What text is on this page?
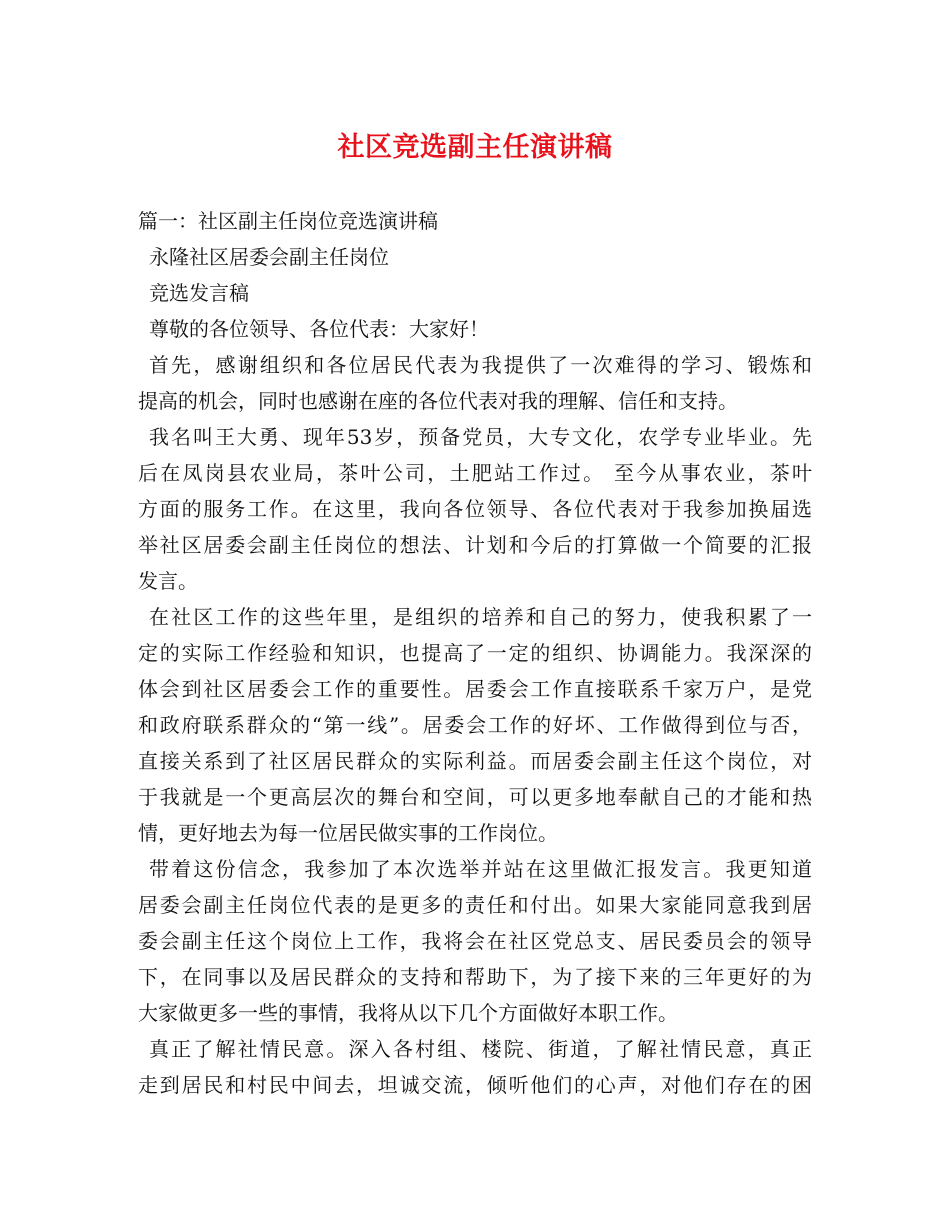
社区竞选副主任演讲稿
篇一：社区副主任岗位竞选演讲稿
永隆社区居委会副主任岗位
竞选发言稿
尊敬的各位领导、各位代表：大家好！
首先，感谢组织和各位居民代表为我提供了一次难得的学习、锻炼和
提高的机会，同时也感谢在座的各位代表对我的理解、信任和支持。
我名叫王大勇、现年53岁，预备党员，大专文化，农学专业毕业。先
后在凤岗县农业局，茶叶公司，土肥站工作过。 至今从事农业，茶叶
方面的服务工作。在这里，我向各位领导、各位代表对于我参加换届选
举社区居委会副主任岗位的想法、计划和今后的打算做一个简要的汇报
发言。
在社区工作的这些年里，是组织的培养和自己的努力，使我积累了一
定的实际工作经验和知识，也提高了一定的组织、协调能力。我深深的
体会到社区居委会工作的重要性。居委会工作直接联系千家万户，是党
和政府联系群众的“第一线”。居委会工作的好坏、工作做得到位与否，
直接关系到了社区居民群众的实际利益。而居委会副主任这个岗位，对
于我就是一个更高层次的舞台和空间，可以更多地奉献自己的才能和热
情，更好地去为每一位居民做实事的工作岗位。
带着这份信念，我参加了本次选举并站在这里做汇报发言。我更知道
居委会副主任岗位代表的是更多的责任和付出。如果大家能同意我到居
委会副主任这个岗位上工作，我将会在社区党总支、居民委员会的领导
下，在同事以及居民群众的支持和帮助下，为了接下来的三年更好的为
大家做更多一些的事情，我将从以下几个方面做好本职工作。
真正了解社情民意。深入各村组、楼院、街道，了解社情民意，真正
走到居民和村民中间去，坦诚交流，倾听他们的心声，对他们存在的困
